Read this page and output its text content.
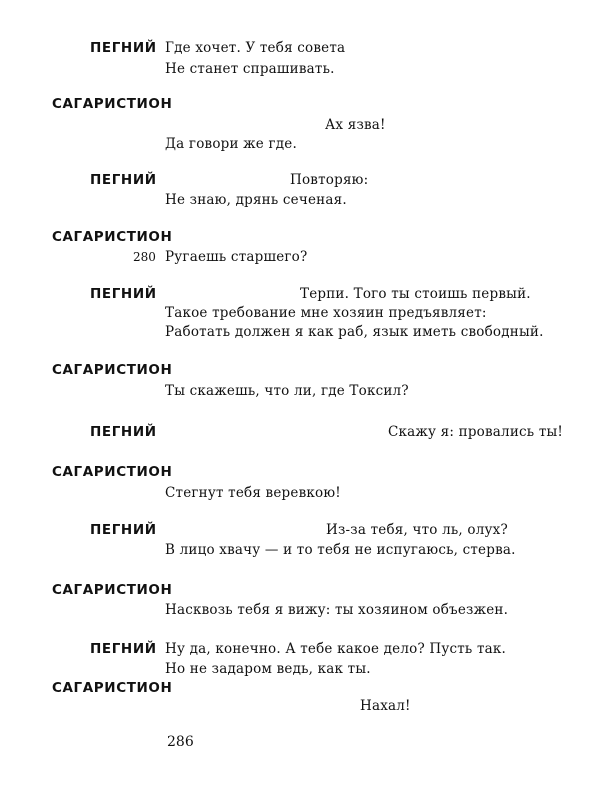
ПЕГНИЙ Где хочет. У тебя совета
Не станет спрашивать.
САГАРИСТИОН
Ах язва!
Да говори же где.
ПЕГНИЙ	Повторяю:
Не знаю, дрянь сеченая.
САГАРИСТИОН
280 Ругаешь старшего?
ПЕГНИЙ	Терпи. Того ты стоишь первый.
Такое требование мне хозяин предъявляет:
Работать должен я как раб, язык иметь свободный.
САГАРИСТИОН
Ты скажешь, что ли, где Токсил?
ПЕГНИЙ	Скажу я: провались ты!
САГАРИСТИОН
Стегнут тебя веревкою!
ПЕГНИЙ	Из-за тебя, что ль, олух?
В лицо хвачу — и то тебя не испугаюсь, стерва.
САГАРИСТИОН
Насквозь тебя я вижу: ты хозяином объезжен.
ПЕГНИЙ Ну да, конечно. А тебе какое дело? Пусть так.
Но не задаром ведь, как ты.
САГАРИСТИОН
Нахал!
286
